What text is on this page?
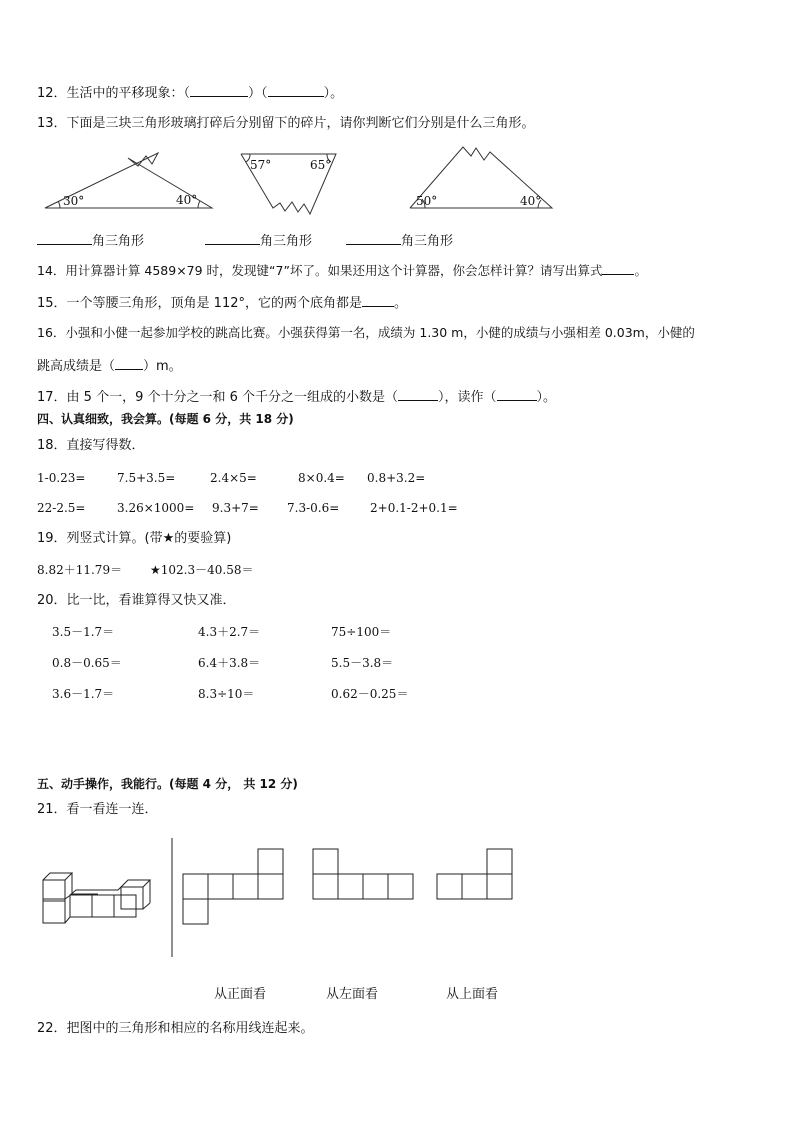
12．生活中的平移现象：（	）（	）。
13．下面是三块三角形玻璃打碎后分别留下的碎片，请你判断它们分别是什么三角形。
30°	40°
57°	65°
50°	40°
角三角形	角三角形	角三角形
14．用计算器计算 4589×79 时，发现键“7”坏了。如果还用这个计算器，你会怎样计算？请写出算式	。
15．一个等腰三角形，顶角是 112°，它的两个底角都是 。
16．小强和小健一起参加学校的跳高比赛。小强获得第一名，成绩为 1.30 m，小健的成绩与小强相差 0.03m，小健的
跳高成绩是（ ）m。
17．由 5 个一，9 个十分之一和 6 个千分之一组成的小数是（	），读作（	）。
四、认真细致，我会算。(每题 6 分，共 18 分)
18．直接写得数．
1-0.23=	7.5+3.5=	2.4×5=	8×0.4= 0.8+3.2=
22-2.5=	3.26×1000= 9.3+7= 7.3-0.6=	2+0.1-2+0.1=
19．列竖式计算。(带★的要验算)
8.82＋11.79＝ ★102.3－40.58＝
20．比一比，看谁算得又快又准．
3.5－1.7＝	4.3＋2.7＝	75÷100＝
0.8－0.65＝	6.4＋3.8＝	5.5－3.8＝
3.6－1.7＝	8.3÷10＝	0.62－0.25＝
五、动手操作，我能行。(每题 4 分， 共 12 分)
21．看一看连一连．
从正面看	从左面看	从上面看
22．把图中的三角形和相应的名称用线连起来。
